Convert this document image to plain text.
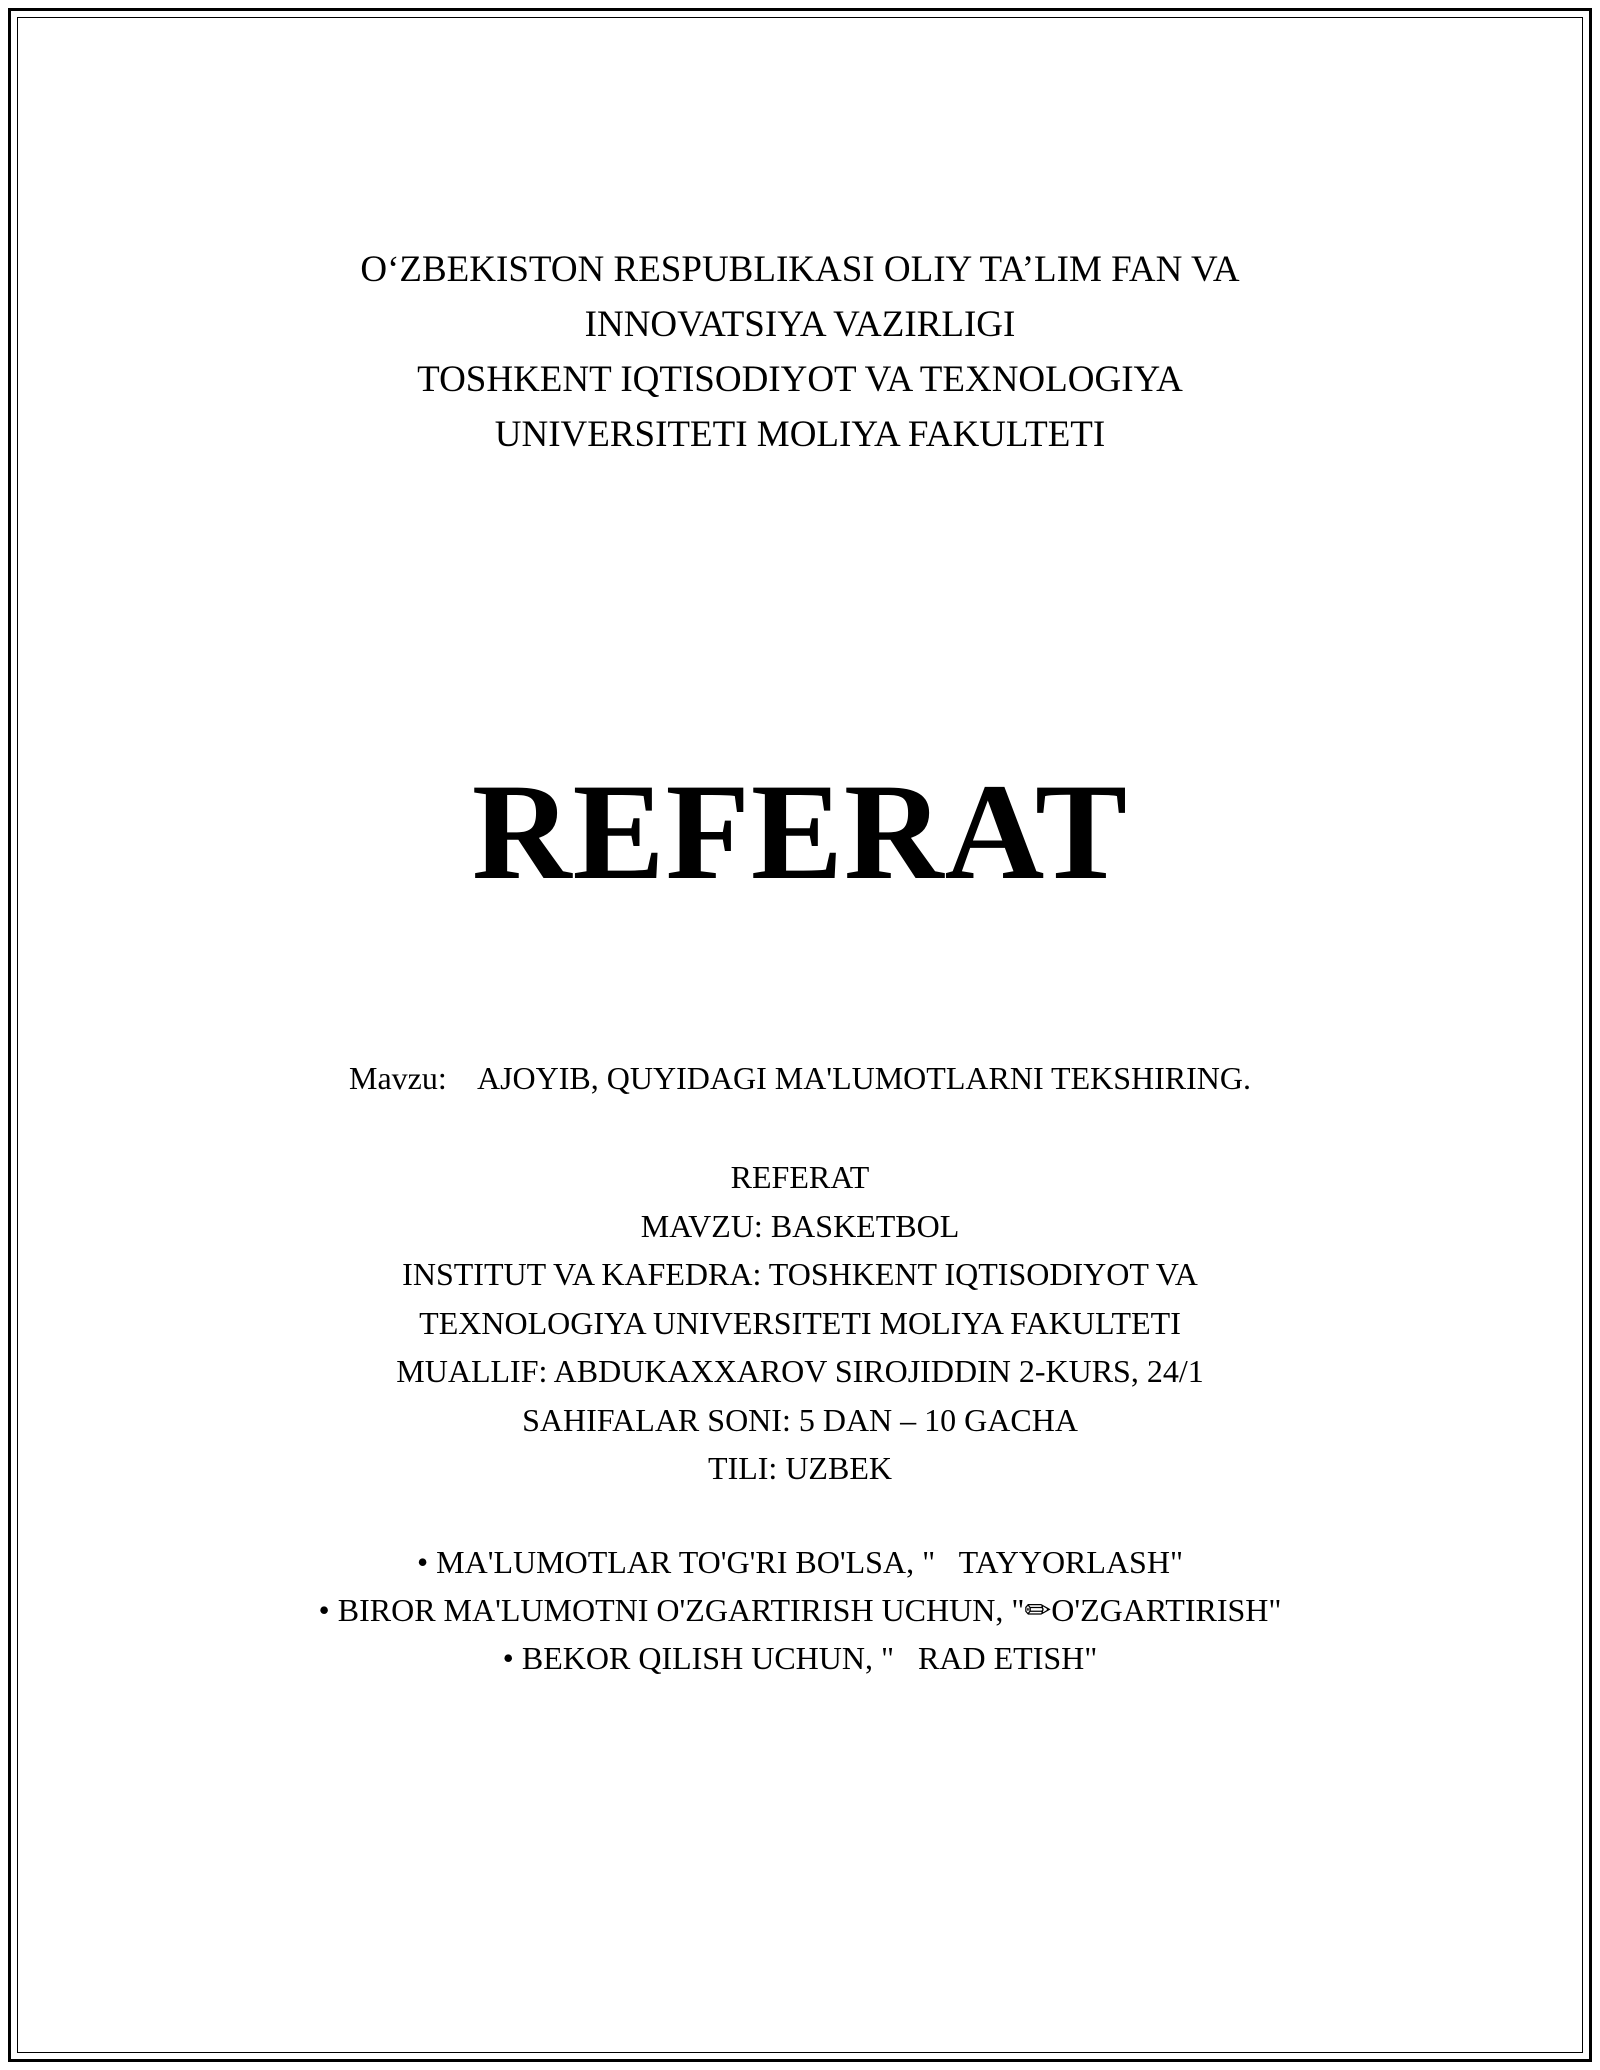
O‘ZBEKISTON RESPUBLIKASI OLIY TA’LIM FAN VA
INNOVATSIYA VAZIRLIGI
TOSHKENT IQTISODIYOT VA TEXNOLOGIYA
UNIVERSITETI MOLIYA FAKULTETI
REFERAT
Mavzu: AJOYIB, QUYIDAGI MA'LUMOTLARNI TEKSHIRING.
REFERAT
MAVZU: BASKETBOL
INSTITUT VA KAFEDRA: TOSHKENT IQTISODIYOT VA
TEXNOLOGIYA UNIVERSITETI MOLIYA FAKULTETI
MUALLIF: ABDUKAXXAROV SIROJIDDIN 2-KURS, 24/1
SAHIFALAR SONI: 5 DAN – 10 GACHA
TILI: UZBEK
• MA'LUMOTLAR TO'G'RI BO'LSA, "   TAYYORLASH"
• BIROR MA'LUMOTNI O'ZGARTIRISH UCHUN, "✏O'ZGARTIRISH"
• BEKOR QILISH UCHUN, "   RAD ETISH"
